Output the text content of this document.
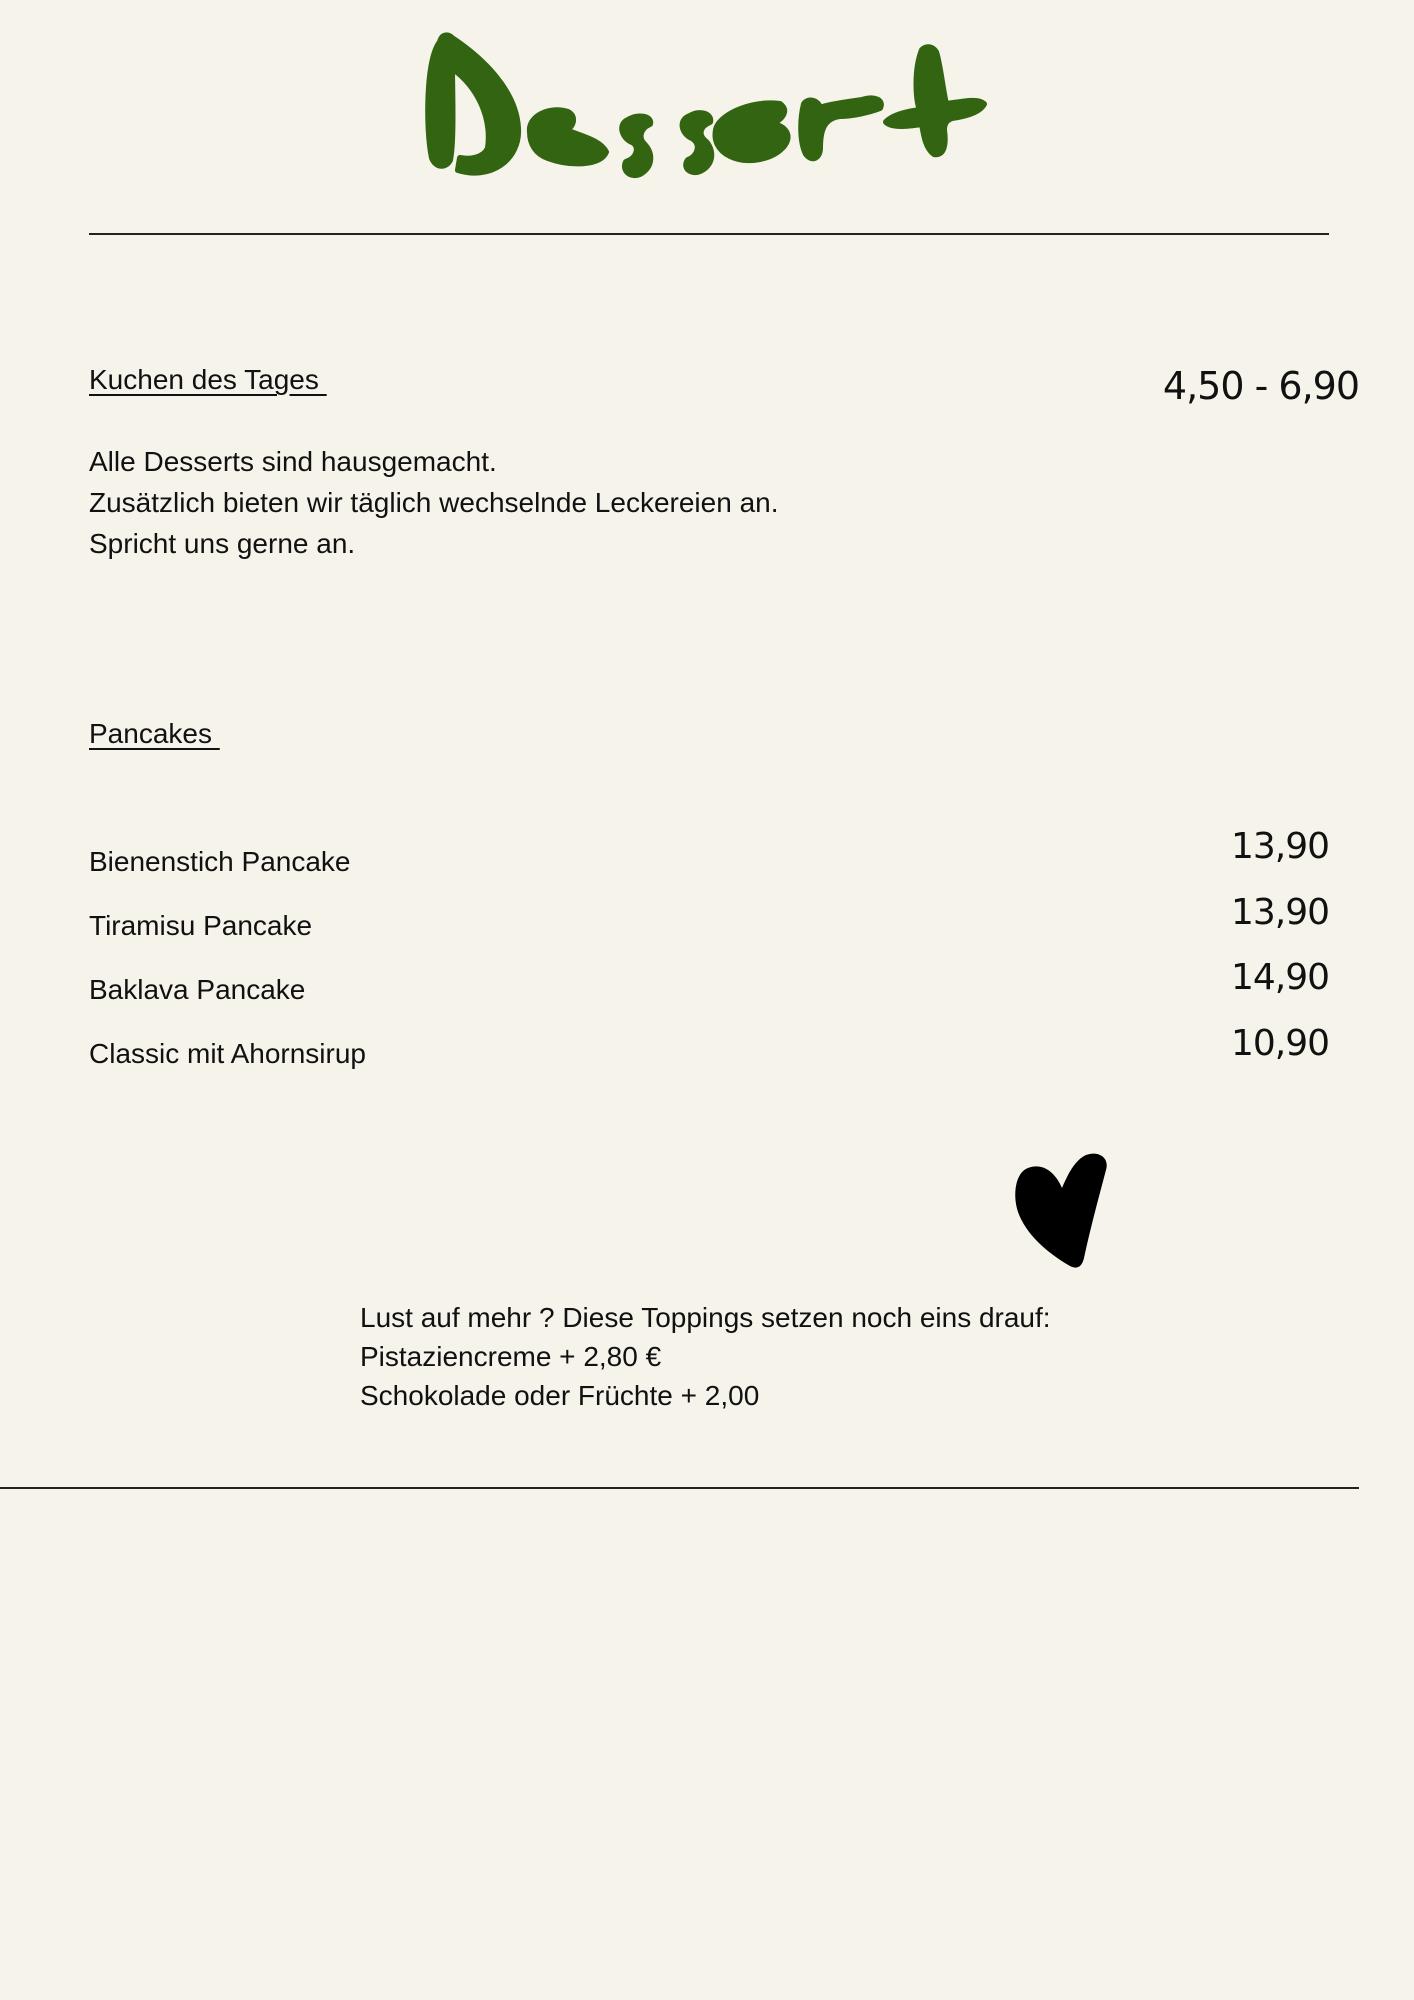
Kuchen des Tages	4,50 - 6,90
Alle Desserts sind hausgemacht.
Zusätzlich bieten wir täglich wechselnde Leckereien an.
Spricht uns gerne an.
Pancakes
Bienenstich Pancake	13,90
Tiramisu Pancake	13,90
Baklava Pancake	14,90
Classic mit Ahornsirup	10,90
Lust auf mehr ? Diese Toppings setzen noch eins drauf:
Pistaziencreme + 2,80 €
Schokolade oder Früchte + 2,00
